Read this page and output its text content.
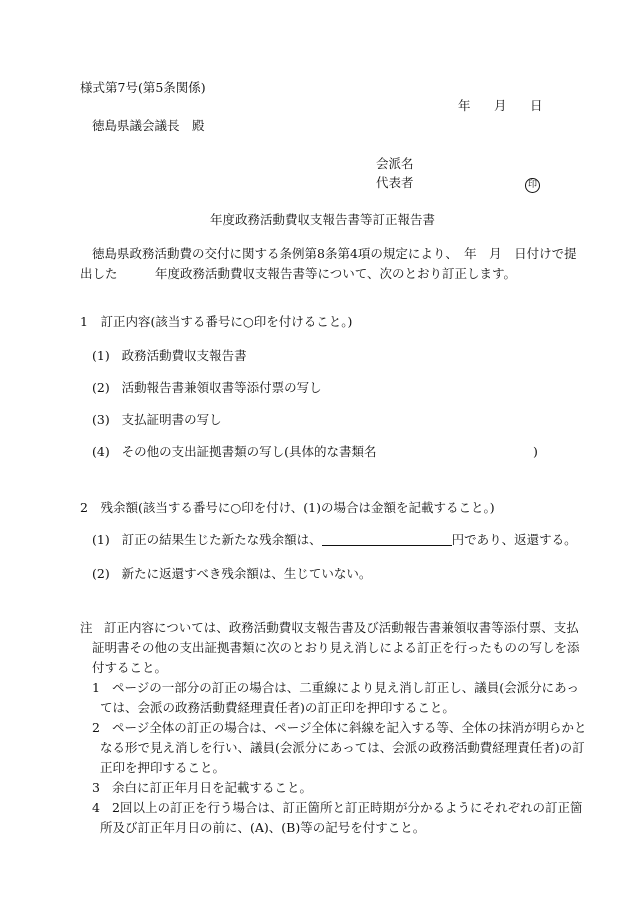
様式第7号(第5条関係)
年 月 日
徳島県議会議長　殿
会派名
代表者	印
年度政務活動費収支報告書等訂正報告書
徳島県政務活動費の交付に関する条例第8条第4項の規定により、　年　月　日付けで提
出した　　　年度政務活動費収支報告書等について、次のとおり訂正します。
1　訂正内容(該当する番号に○印を付けること。)
(1) 政務活動費収支報告書
(2) 活動報告書兼領収書等添付票の写し
(3) 支払証明書の写し
(4) その他の支出証拠書類の写し(具体的な書類名	)
2　残余額(該当する番号に○印を付け、(1)の場合は金額を記載すること。)
(1) 訂正の結果生じた新たな残余額は、	円であり、返還する。
(2) 新たに返還すべき残余額は、生じていない。
注 訂正内容については、政務活動費収支報告書及び活動報告書兼領収書等添付票、支払
証明書その他の支出証拠書類に次のとおり見え消しによる訂正を行ったものの写しを添
付すること。
1 ページの一部分の訂正の場合は、二重線により見え消し訂正し、議員(会派分にあっ
ては、会派の政務活動費経理責任者)の訂正印を押印すること。
2 ページ全体の訂正の場合は、ページ全体に斜線を記入する等、全体の抹消が明らかと
なる形で見え消しを行い、議員(会派分にあっては、会派の政務活動費経理責任者)の訂
正印を押印すること。
3 余白に訂正年月日を記載すること。
4 2回以上の訂正を行う場合は、訂正箇所と訂正時期が分かるようにそれぞれの訂正箇
所及び訂正年月日の前に、(A)、(B)等の記号を付すこと。
